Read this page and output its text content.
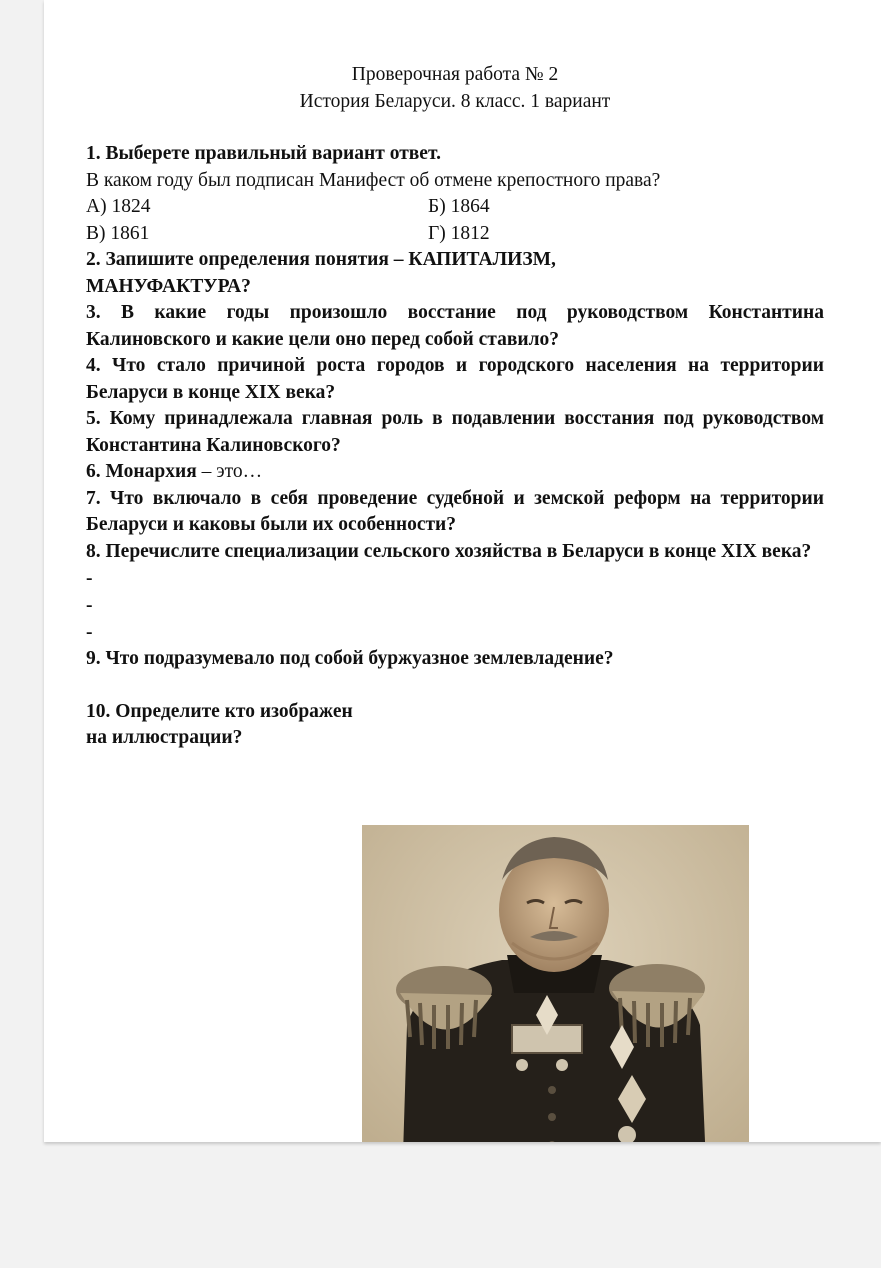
Проверочная работа № 2

История Беларуси. 8 класс. 1 вариант

1. Выберете правильный вариант ответ.

В каком году был подписан Манифест об отмене крепостного права?

А) 1824	Б) 1864
В) 1861	Г) 1812

2. Запишите определения понятия – КАПИТАЛИЗМ,

МАНУФАКТУРА?

3. В какие годы произошло восстание под руководством Константина Калиновского и какие цели оно перед собой ставило?

4. Что стало причиной роста городов и городского населения на территории Беларуси в конце XIX века?

5. Кому принадлежала главная роль в подавлении восстания под руководством Константина Калиновского?

6. Монархия – это…

7. Что включало в себя проведение судебной и земской реформ на территории Беларуси и каковы были их особенности?

8. Перечислите специализации сельского хозяйства в Беларуси в конце XIX века?

-

-

-

9. Что подразумевало под собой буржуазное землевладение?

10. Определите кто изображен

на иллюстрации?
